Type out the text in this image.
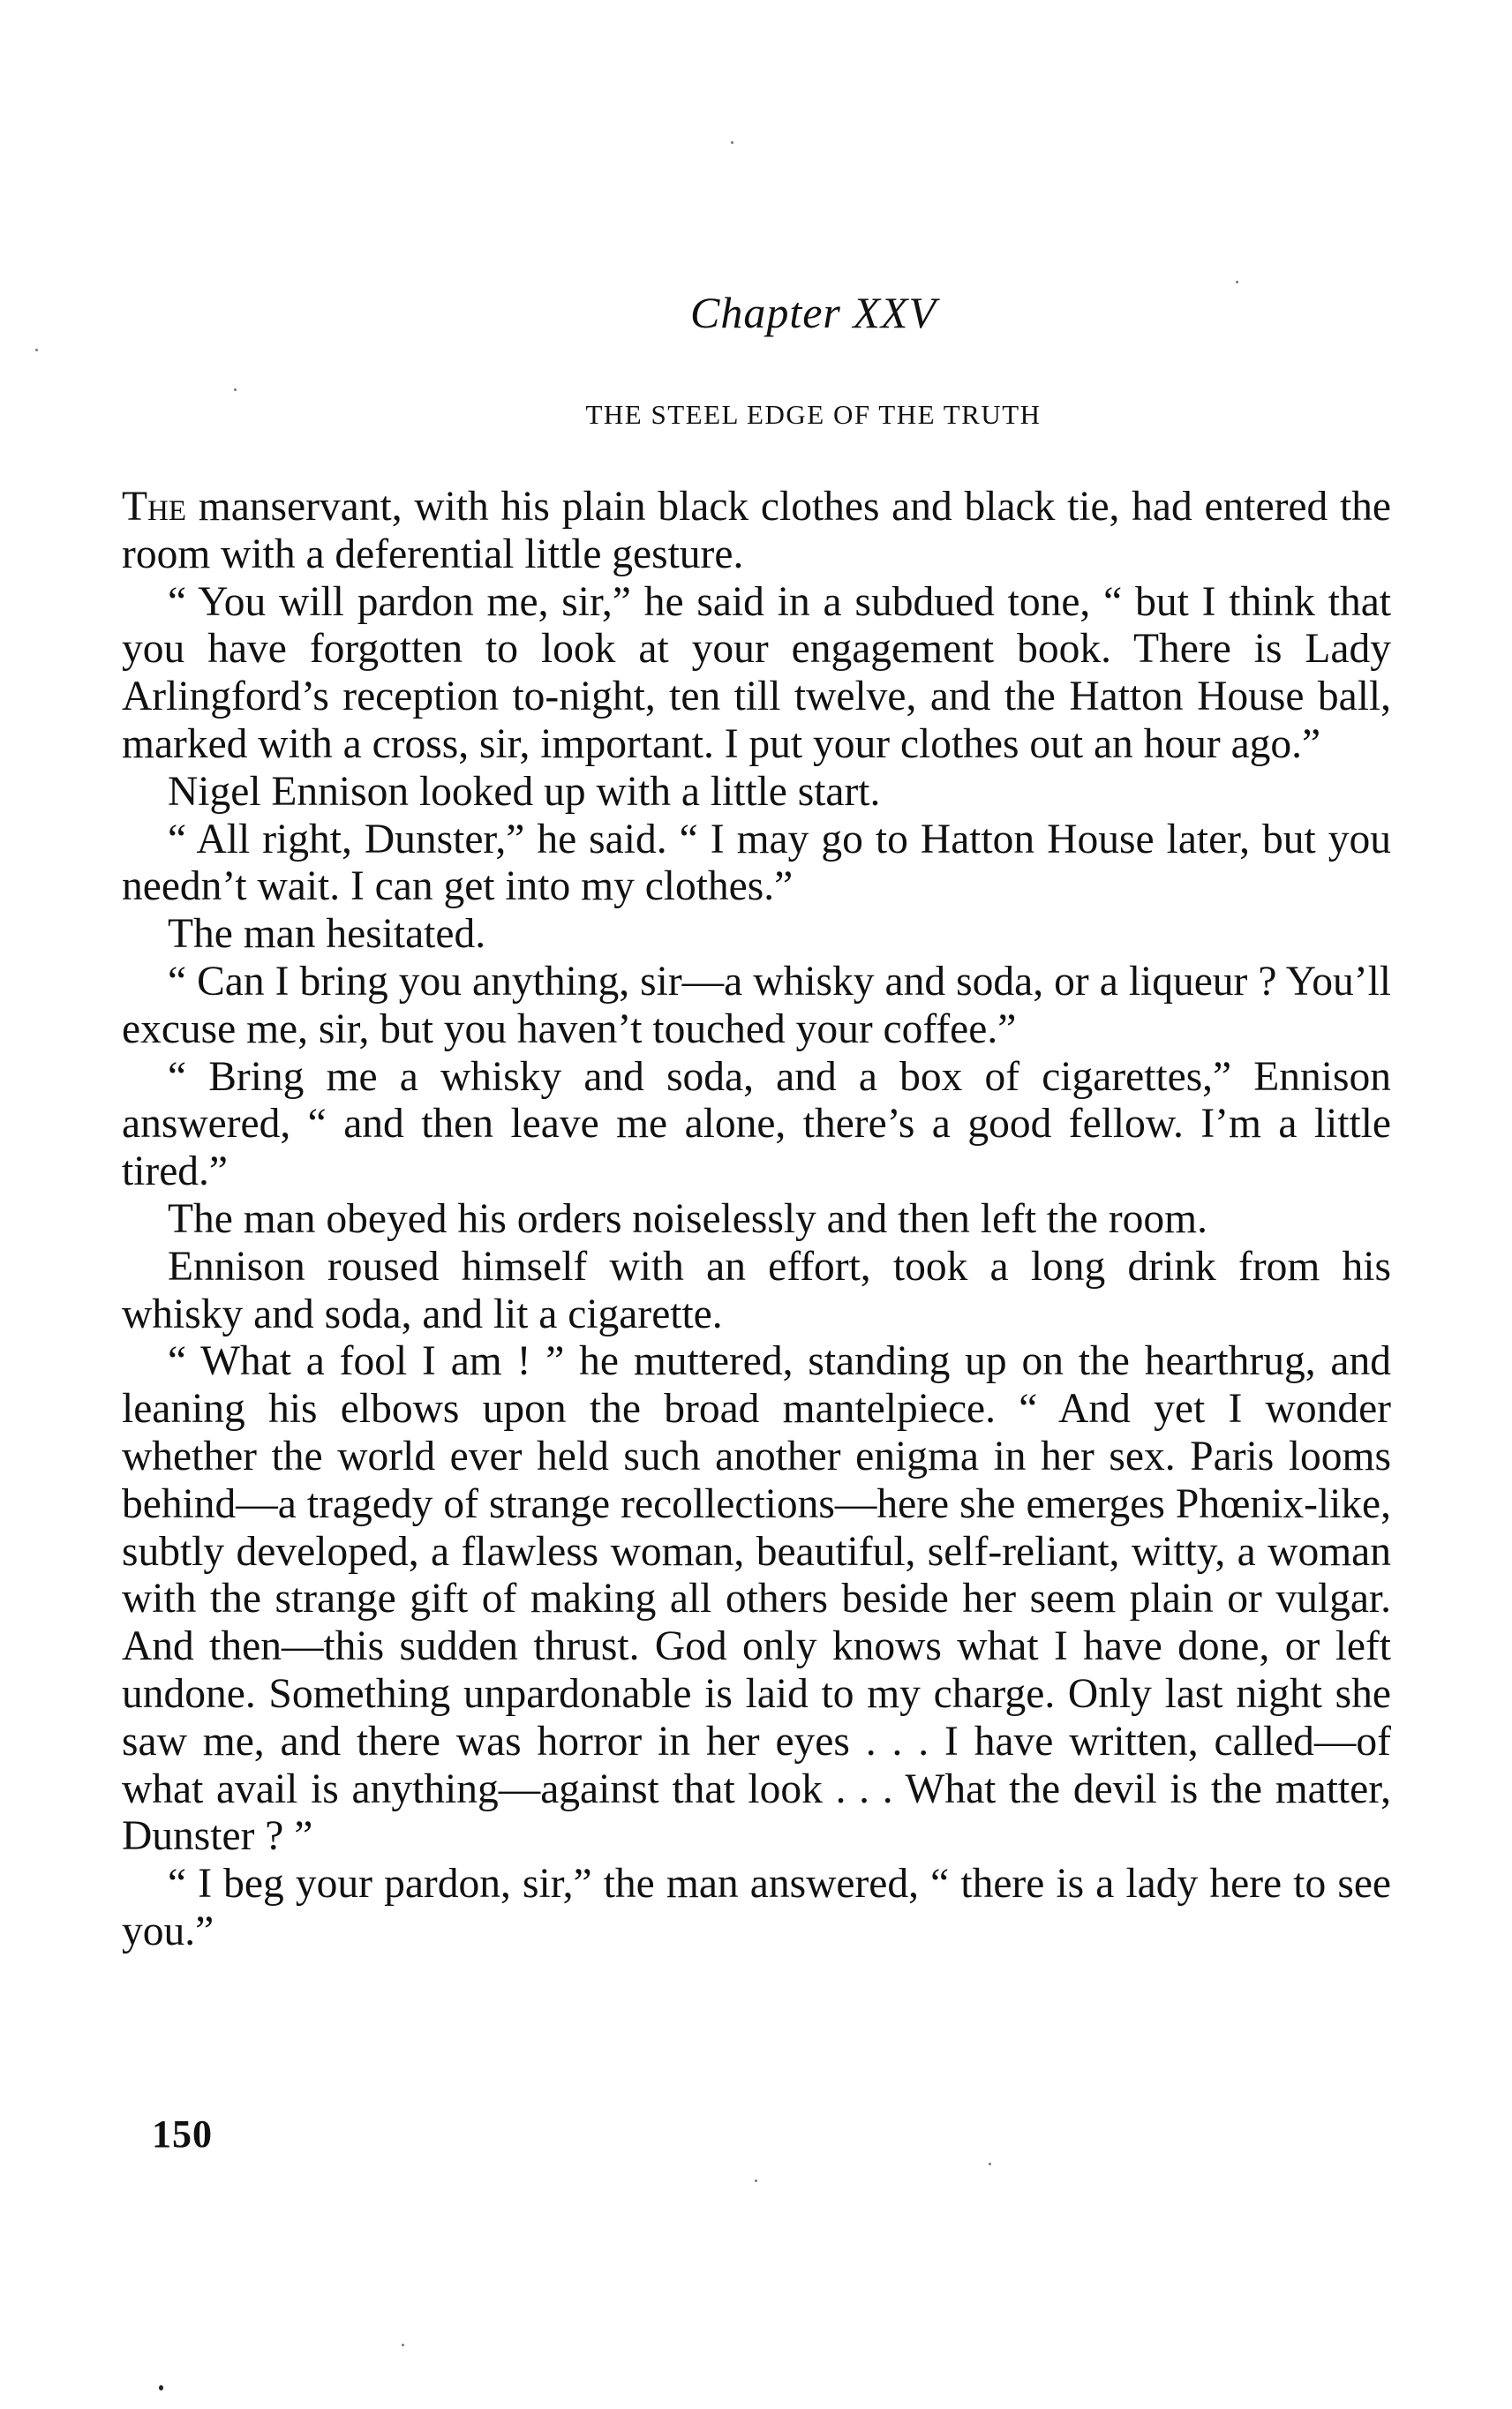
Chapter XXV
THE STEEL EDGE OF THE TRUTH

The manservant, with his plain black clothes and black tie, had entered the room with a deferential little gesture.

“ You will pardon me, sir,” he said in a subdued tone, “ but I think that you have forgotten to look at your engagement book. There is Lady Arlingford’s reception to-night, ten till twelve, and the Hatton House ball, marked with a cross, sir, important. I put your clothes out an hour ago.”

Nigel Ennison looked up with a little start.

“ All right, Dunster,” he said. “ I may go to Hatton House later, but you needn’t wait. I can get into my clothes.”

The man hesitated.

“ Can I bring you anything, sir—a whisky and soda, or a liqueur ? You’ll excuse me, sir, but you haven’t touched your coffee.”

“ Bring me a whisky and soda, and a box of cigarettes,” Ennison answered, “ and then leave me alone, there’s a good fellow. I’m a little tired.”

The man obeyed his orders noiselessly and then left the room.

Ennison roused himself with an effort, took a long drink from his whisky and soda, and lit a cigarette.

“ What a fool I am ! ” he muttered, standing up on the hearthrug, and leaning his elbows upon the broad mantelpiece. “ And yet I wonder whether the world ever held such another enigma in her sex. Paris looms behind—a tragedy of strange recollections—here she emerges Phœnix-like, subtly developed, a flawless woman, beautiful, self-reliant, witty, a woman with the strange gift of making all others beside her seem plain or vulgar. And then—this sudden thrust. God only knows what I have done, or left undone. Something unpardonable is laid to my charge. Only last night she saw me, and there was horror in her eyes . . . I have written, called—of what avail is anything—against that look . . . What the devil is the matter, Dunster ? ”

“ I beg your pardon, sir,” the man answered, “ there is a lady here to see you.”

150
